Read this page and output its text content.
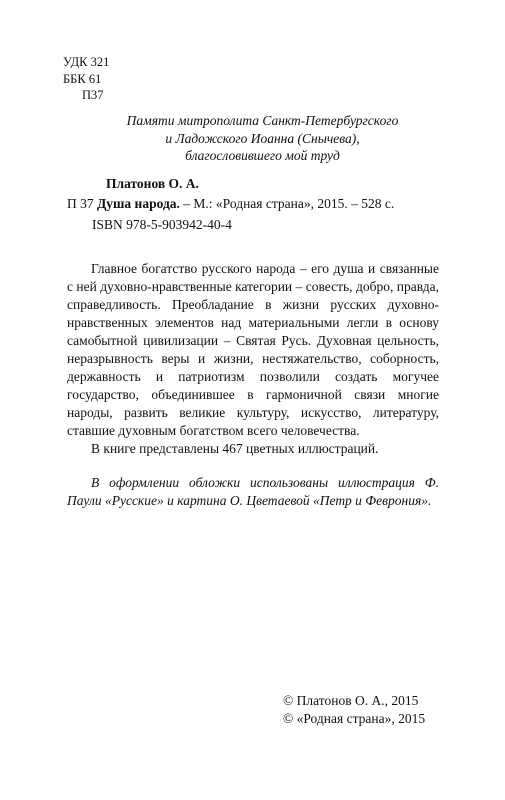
УДК 321
ББК 61
П37
Памяти митрополита Санкт-Петербургского
и Ладожского Иоанна (Снычева),
благословившего мой труд
Платонов О. А.
П 37 Душа народа. – М.: «Родная страна», 2015. – 528 с.
ISBN 978-5-903942-40-4

Главное богатство русского народа – его душа и связанные с ней духовно-нравственные категории – совесть, добро, правда, справедливость. Преобладание в жизни русских духовно-нравственных элементов над материальными легли в основу самобытной цивилизации – Святая Русь. Духовная цельность, неразрывность веры и жизни, нестяжательство, соборность, державность и патриотизм позволили создать могучее государство, объединившее в гармоничной связи многие народы, развить великие культуру, искусство, литературу, ставшие духовным богатством всего человечества.

В книге представлены 467 цветных иллюстраций.

В оформлении обложки использованы иллюстрация Ф. Паули «Русские» и картина О. Цветаевой «Петр и Феврония».
© Платонов О. А., 2015
© «Родная страна», 2015
